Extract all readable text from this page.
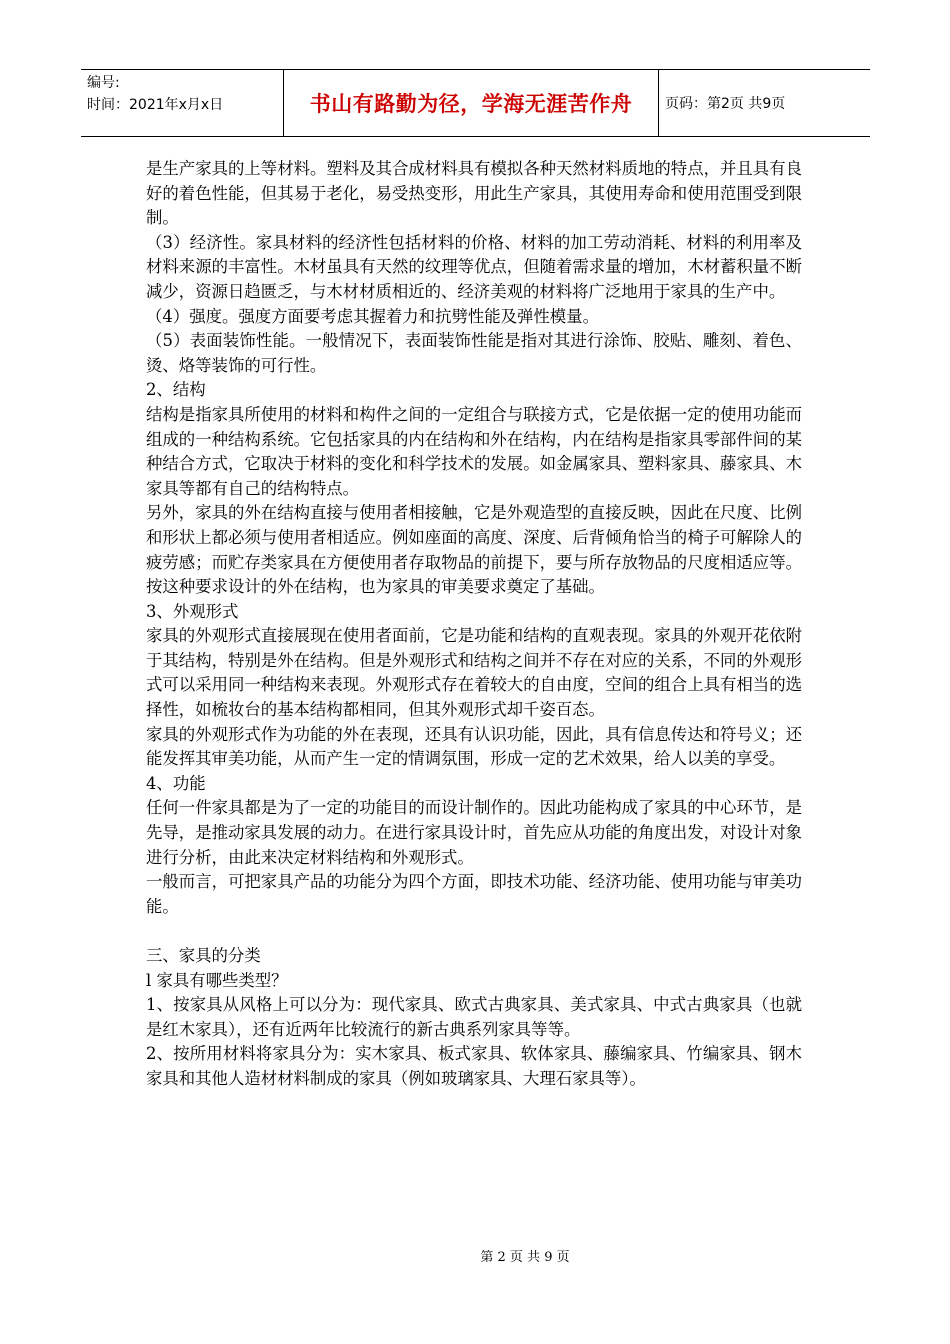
编号:
时间：2021年x月x日	书山有路勤为径，学海无涯苦作舟 页码：第2页 共9页

是生产家具的上等材料。塑料及其合成材料具有模拟各种天然材料质地的特点，并且具有良好的着色性能，但其易于老化，易受热变形，用此生产家具，其使用寿命和使用范围受到限制。

（3）经济性。家具材料的经济性包括材料的价格、材料的加工劳动消耗、材料的利用率及材料来源的丰富性。木材虽具有天然的纹理等优点，但随着需求量的增加，木材蓄积量不断减少，资源日趋匮乏，与木材材质相近的、经济美观的材料将广泛地用于家具的生产中。

（4）强度。强度方面要考虑其握着力和抗劈性能及弹性模量。

（5）表面装饰性能。一般情况下，表面装饰性能是指对其进行涂饰、胶贴、雕刻、着色、烫、烙等装饰的可行性。

2、结构

结构是指家具所使用的材料和构件之间的一定组合与联接方式，它是依据一定的使用功能而组成的一种结构系统。它包括家具的内在结构和外在结构，内在结构是指家具零部件间的某种结合方式，它取决于材料的变化和科学技术的发展。如金属家具、塑料家具、藤家具、木家具等都有自己的结构特点。

另外，家具的外在结构直接与使用者相接触，它是外观造型的直接反映，因此在尺度、比例和形状上都必须与使用者相适应。例如座面的高度、深度、后背倾角恰当的椅子可解除人的疲劳感；而贮存类家具在方便使用者存取物品的前提下，要与所存放物品的尺度相适应等。按这种要求设计的外在结构，也为家具的审美要求奠定了基础。

3、外观形式

家具的外观形式直接展现在使用者面前，它是功能和结构的直观表现。家具的外观开花依附于其结构，特别是外在结构。但是外观形式和结构之间并不存在对应的关系，不同的外观形式可以采用同一种结构来表现。外观形式存在着较大的自由度，空间的组合上具有相当的选择性，如梳妆台的基本结构都相同，但其外观形式却千姿百态。

家具的外观形式作为功能的外在表现，还具有认识功能，因此，具有信息传达和符号义；还能发挥其审美功能，从而产生一定的情调氛围，形成一定的艺术效果，给人以美的享受。

4、功能

任何一件家具都是为了一定的功能目的而设计制作的。因此功能构成了家具的中心环节，是先导，是推动家具发展的动力。在进行家具设计时，首先应从功能的角度出发，对设计对象进行分析，由此来决定材料结构和外观形式。

一般而言，可把家具产品的功能分为四个方面，即技术功能、经济功能、使用功能与审美功能。

三、家具的分类

l 家具有哪些类型？

1、按家具从风格上可以分为：现代家具、欧式古典家具、美式家具、中式古典家具（也就是红木家具），还有近两年比较流行的新古典系列家具等等。

2、按所用材料将家具分为：实木家具、板式家具、软体家具、藤编家具、竹编家具、钢木家具和其他人造材材料制成的家具（例如玻璃家具、大理石家具等）。

第 2 页 共 9 页
